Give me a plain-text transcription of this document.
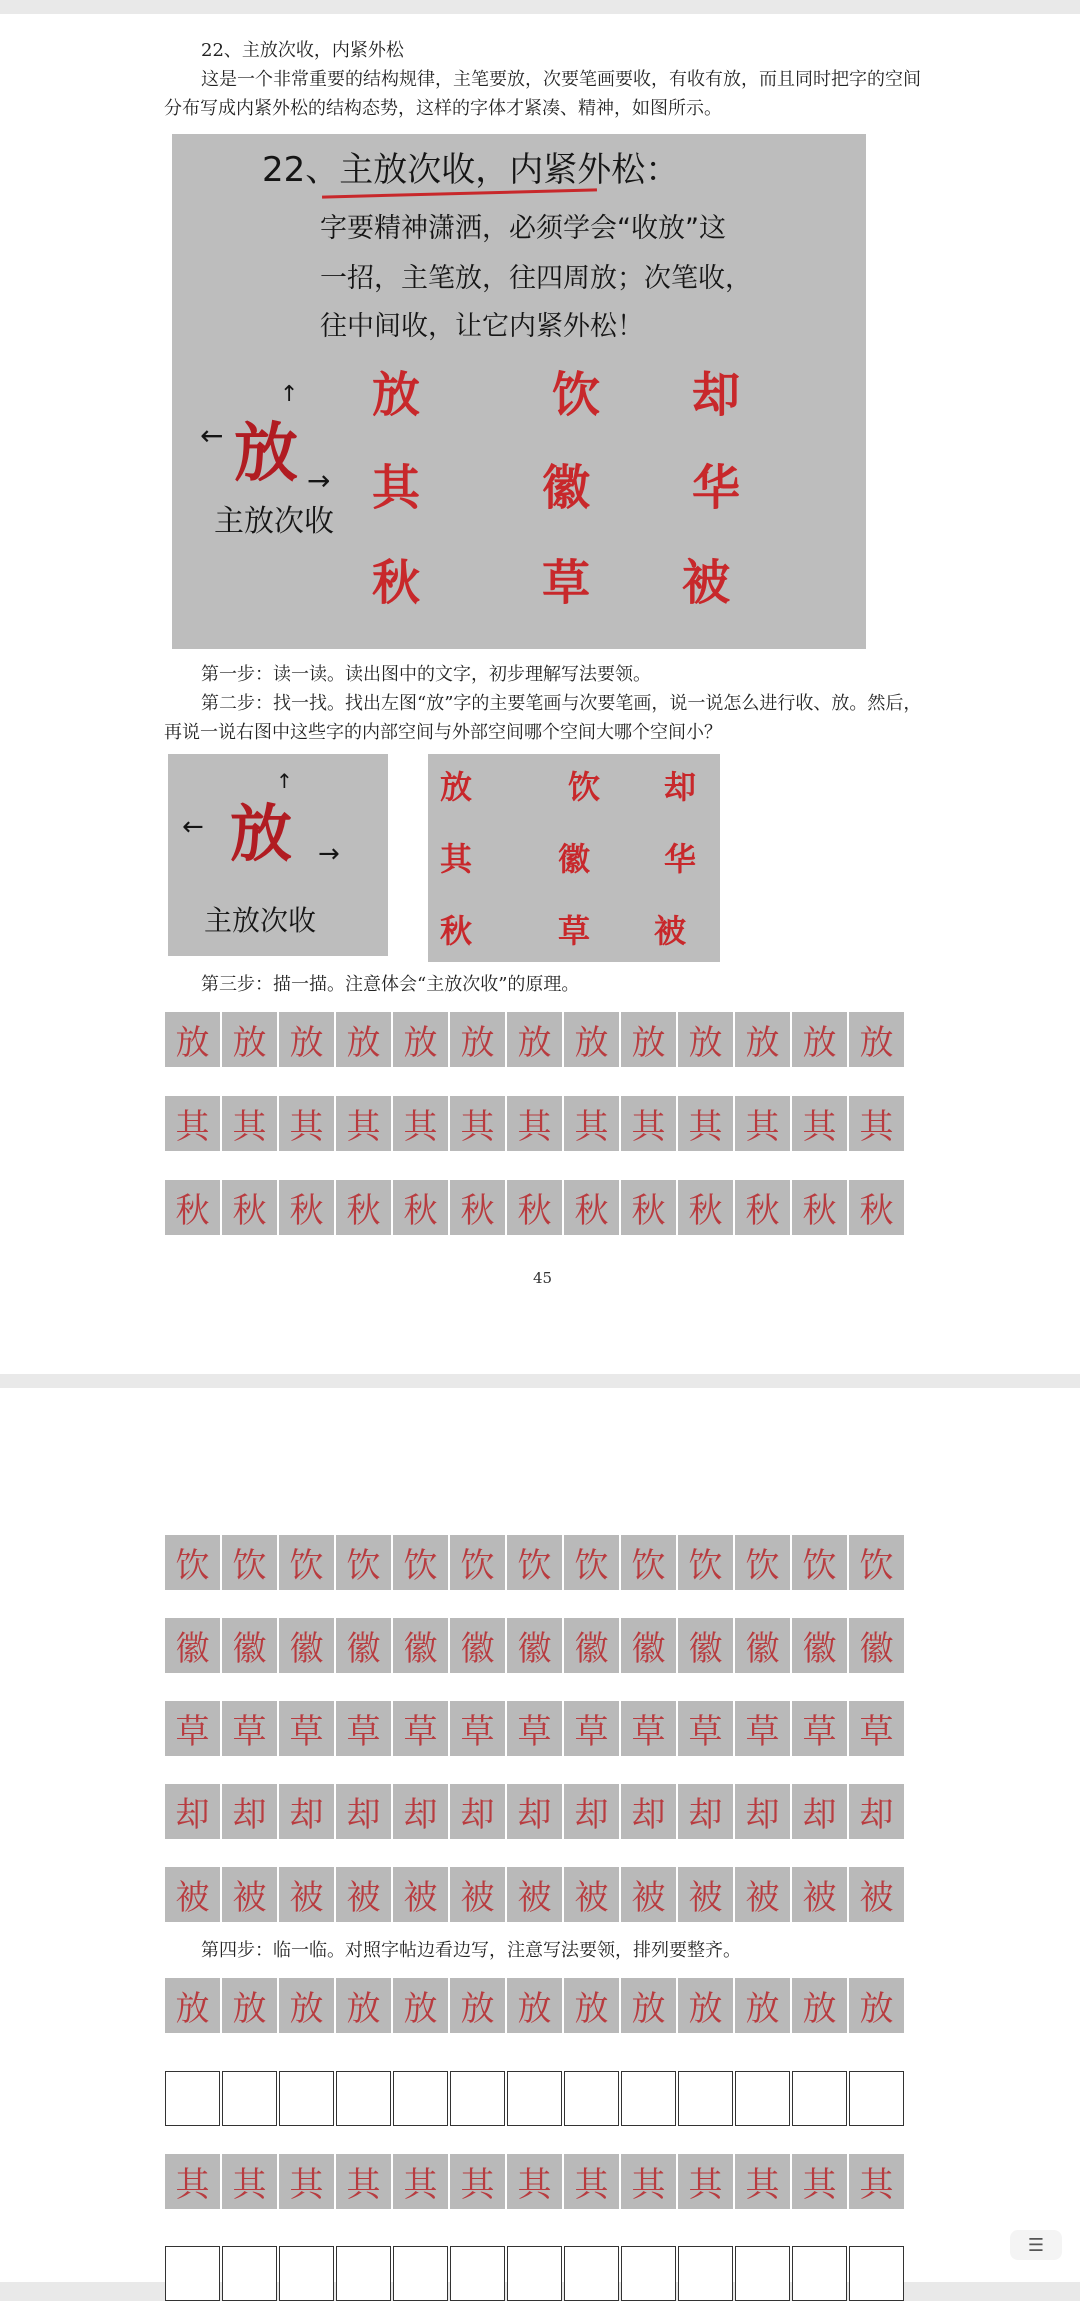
22、主放次收，内紧外松
这是一个非常重要的结构规律，主笔要放，次要笔画要收，有收有放，而且同时把字的空间分布写成内紧外松的结构态势，这样的字体才紧凑、精神，如图所示。
22、主放次收，内紧外松：
字要精神潇洒，必须学会“收放”这
一招，主笔放，往四周放；次笔收，
往中间收，让它内紧外松！
放
←
→
↑
主放次收
放	饮 却
其	徽 华
秋	草 被
第一步：读一读。读出图中的文字，初步理解写法要领。
第二步：找一找。找出左图“放”字的主要笔画与次要笔画，说一说怎么进行收、放。然后，再说一说右图中这些字的内部空间与外部空间哪个空间大哪个空间小？
放
←
→
↑
主放次收
放	饮 却
其	徽 华
秋	草 被
第三步：描一描。注意体会“主放次收”的原理。
放 放 放 放 放 放 放 放 放 放 放 放 放
其 其 其 其 其 其 其 其 其 其 其 其 其
秋 秋 秋 秋 秋 秋 秋 秋 秋 秋 秋 秋 秋
45
饮 饮 饮 饮 饮 饮 饮 饮 饮 饮 饮 饮 饮
徽 徽 徽 徽 徽 徽 徽 徽 徽 徽 徽 徽 徽
草 草 草 草 草 草 草 草 草 草 草 草 草
却 却 却 却 却 却 却 却 却 却 却 却 却
被 被 被 被 被 被 被 被 被 被 被 被 被
第四步：临一临。对照字帖边看边写，注意写法要领，排列要整齐。
放 放 放 放 放 放 放 放 放 放 放 放 放
其 其 其 其 其 其 其 其 其 其 其 其 其
☰
